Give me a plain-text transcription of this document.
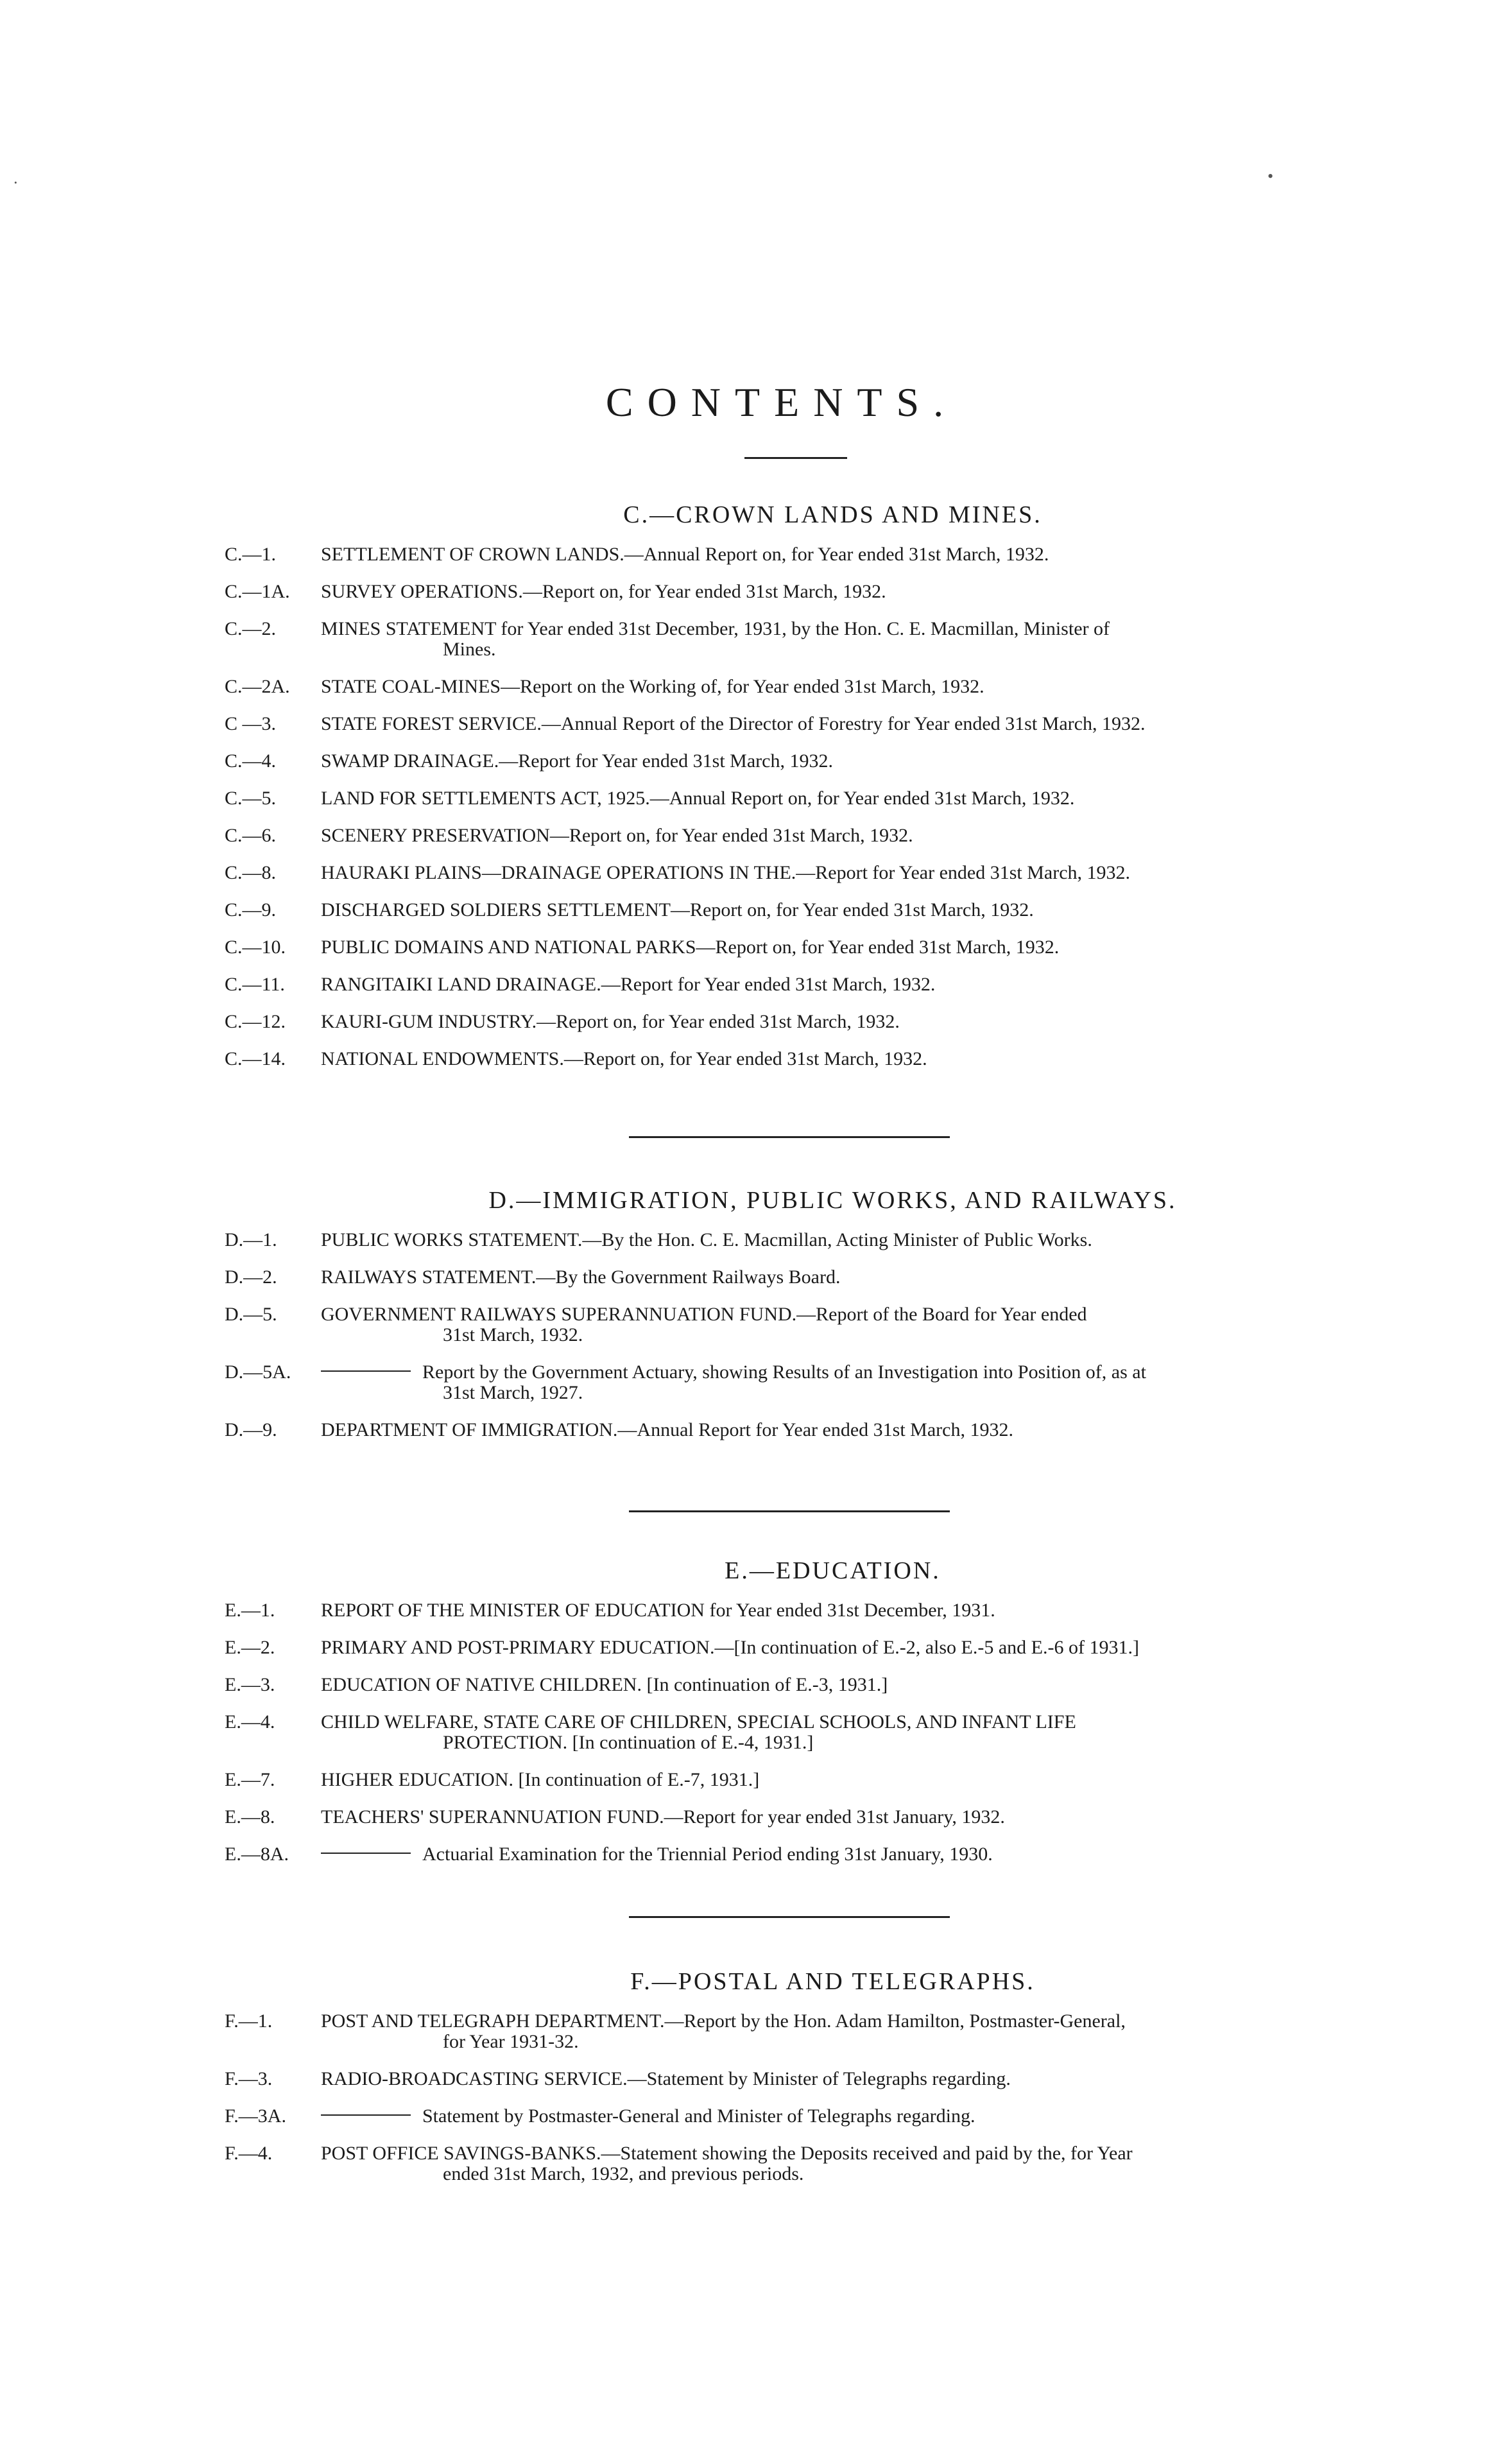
CONTENTS.
C.—CROWN LANDS AND MINES.
C.—1.	SETTLEMENT OF CROWN LANDS.—Annual Report on, for Year ended 31st March, 1932.
C.—1A.	SURVEY OPERATIONS.—Report on, for Year ended 31st March, 1932.
C.—2.	MINES STATEMENT for Year ended 31st December, 1931, by the Hon. C. E. Macmillan, Minister of
Mines.
C.—2A.	STATE COAL-MINES—Report on the Working of, for Year ended 31st March, 1932.
C —3.	STATE FOREST SERVICE.—Annual Report of the Director of Forestry for Year ended 31st March, 1932.
C.—4.	SWAMP DRAINAGE.—Report for Year ended 31st March, 1932.
C.—5.	LAND FOR SETTLEMENTS ACT, 1925.—Annual Report on, for Year ended 31st March, 1932.
C.—6.	SCENERY PRESERVATION—Report on, for Year ended 31st March, 1932.
C.—8.	HAURAKI PLAINS—DRAINAGE OPERATIONS IN THE.—Report for Year ended 31st March, 1932.
C.—9.	DISCHARGED SOLDIERS SETTLEMENT—Report on, for Year ended 31st March, 1932.
C.—10.	PUBLIC DOMAINS AND NATIONAL PARKS—Report on, for Year ended 31st March, 1932.
C.—11.	RANGITAIKI LAND DRAINAGE.—Report for Year ended 31st March, 1932.
C.—12.	KAURI-GUM INDUSTRY.—Report on, for Year ended 31st March, 1932.
C.—14.	NATIONAL ENDOWMENTS.—Report on, for Year ended 31st March, 1932.
D.—IMMIGRATION, PUBLIC WORKS, AND RAILWAYS.
D.—1.	PUBLIC WORKS STATEMENT.—By the Hon. C. E. Macmillan, Acting Minister of Public Works.
D.—2.	RAILWAYS STATEMENT.—By the Government Railways Board.
D.—5.	GOVERNMENT RAILWAYS SUPERANNUATION FUND.—Report of the Board for Year ended
31st March, 1932.
D.—5A.	Report by the Government Actuary, showing Results of an Investigation into Position of, as at
31st March, 1927.
D.—9.	DEPARTMENT OF IMMIGRATION.—Annual Report for Year ended 31st March, 1932.
E.—EDUCATION.
E.—1.	REPORT OF THE MINISTER OF EDUCATION for Year ended 31st December, 1931.
E.—2.	PRIMARY AND POST-PRIMARY EDUCATION.—[In continuation of E.-2, also E.-5 and E.-6 of 1931.]
E.—3.	EDUCATION OF NATIVE CHILDREN. [In continuation of E.-3, 1931.]
E.—4.	CHILD WELFARE, STATE CARE OF CHILDREN, SPECIAL SCHOOLS, AND INFANT LIFE
PROTECTION. [In continuation of E.-4, 1931.]
E.—7.	HIGHER EDUCATION. [In continuation of E.-7, 1931.]
E.—8.	TEACHERS' SUPERANNUATION FUND.—Report for year ended 31st January, 1932.
E.—8A.	Actuarial Examination for the Triennial Period ending 31st January, 1930.
F.—POSTAL AND TELEGRAPHS.
F.—1.	POST AND TELEGRAPH DEPARTMENT.—Report by the Hon. Adam Hamilton, Postmaster-General,
for Year 1931-32.
F.—3.	RADIO-BROADCASTING SERVICE.—Statement by Minister of Telegraphs regarding.
F.—3A.	Statement by Postmaster-General and Minister of Telegraphs regarding.
F.—4.	POST OFFICE SAVINGS-BANKS.—Statement showing the Deposits received and paid by the, for Year
ended 31st March, 1932, and previous periods.
·	•
